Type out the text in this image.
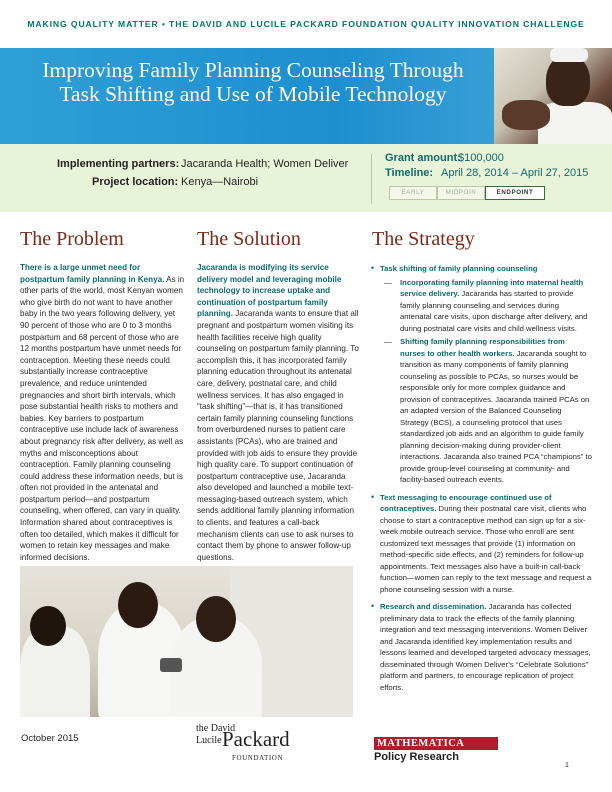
MAKING QUALITY MATTER • THE DAVID AND LUCILE PACKARD FOUNDATION QUALITY INNOVATION CHALLENGE
Improving Family Planning Counseling Through
Task Shifting and Use of Mobile Technology
Implementing partners: Jacaranda Health; Women Deliver
Project location: Kenya—Nairobi
Grant amount:
$100,000
Timeline: April 28, 2014 – April 27, 2015
EARLY	MIDPOIN	ENDPOINT
The Problem	The Solution	The Strategy

There is a large unmet need for postpartum family planning in Kenya. As in other parts of the world, most Kenyan women who give birth do not want to have another baby in the two years following delivery, yet 90 percent of those who are 0 to 3 months postpartum and 68 percent of those who are 12 months postpartum have unmet needs for contraception. Meeting these needs could substantially increase contraceptive prevalence, and reduce unintended pregnancies and short birth intervals, which pose substantial health risks to mothers and babies. Key barriers to postpartum contraceptive use include lack of awareness about pregnancy risk after delivery, as well as myths and misconceptions about contraception. Family planning counseling could address these information needs, but is often not provided in the antenatal and postpartum period—and postpartum counseling, when offered, can vary in quality. Information shared about contraceptives is often too detailed, which makes it difficult for women to retain key messages and make informed decisions.

Jacaranda is modifying its service delivery model and leveraging mobile technology to increase uptake and continuation of postpartum family planning. Jacaranda wants to ensure that all pregnant and postpartum women visiting its health facilities receive high quality counseling on postpartum family planning. To accomplish this, it has incorporated family planning education throughout its antenatal care, delivery, postnatal care, and child wellness services. It has also engaged in “task shifting”—that is, it has transitioned certain family planning counseling functions from overburdened nurses to patient care assistants (PCAs), who are trained and provided with job aids to ensure they provide high quality care. To support continuation of postpartum contraceptive use, Jacaranda also developed and launched a mobile text-messaging-based outreach system, which sends additional family planning information to clients, and features a call-back mechanism clients can use to ask nurses to contact them by phone to answer follow-up questions.

• Task shifting of family planning counseling
— Incorporating family planning into maternal health service delivery. Jacaranda has started to provide family planning counseling and services during antenatal care visits, upon discharge after delivery, and during postnatal care visits and child wellness visits.
— Shifting family planning responsibilities from nurses to other health workers. Jacaranda sought to transition as many components of family planning counseling as possible to PCAs, so nurses would be responsible only for more complex guidance and provision of contraceptives. Jacaranda trained PCAs on an adapted version of the Balanced Counseling Strategy (BCS), a counseling protocol that uses standardized job aids and an algorithm to guide family planning decision-making during provider-client interactions. Jacaranda also trained PCA “champions” to provide group-level counseling at community- and facility-based outreach events.
• Text messaging to encourage continued use of contraceptives. During their postnatal care visit, clients who choose to start a contraceptive method can sign up for a six-week mobile outreach service. Those who enroll are sent customized text messages that provide (1) information on method-specific side effects, and (2) reminders for follow-up appointments. Text messages also have a built-in call-back function—women can reply to the text message and request a phone counseling session with a nurse.
• Research and dissemination. Jacaranda has collected preliminary data to track the effects of the family planning integration and text messaging interventions. Women Deliver and Jacaranda identified key implementation results and lessons learned and developed targeted advocacy messages, disseminated through Women Deliver’s “Celebrate Solutions” platform and partners, to encourage replication of project efforts.
October 2015
the David
Lucile Packard
FOUNDATION
MATHEMATICA
Policy Research
1
